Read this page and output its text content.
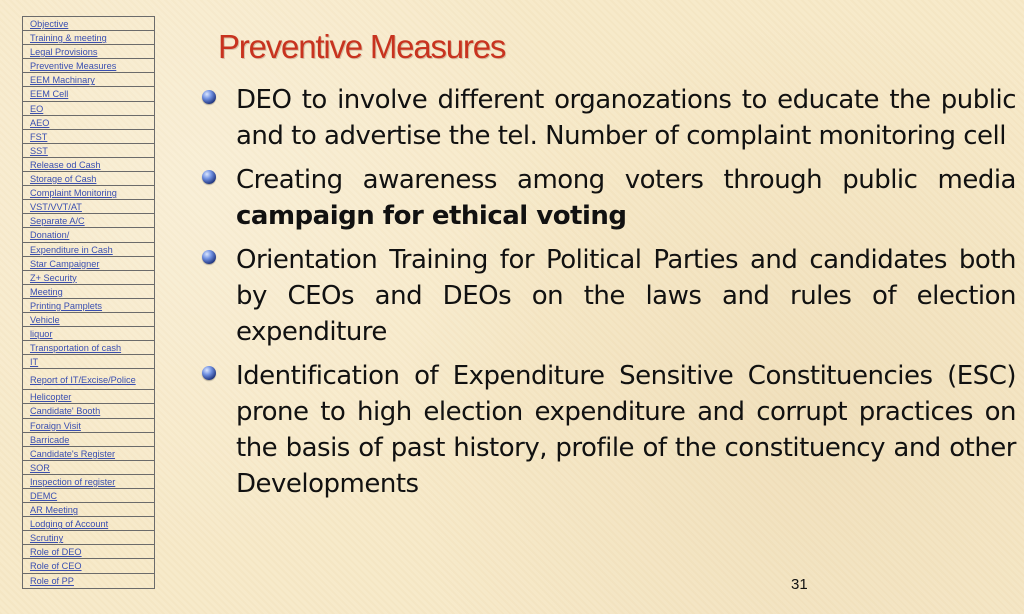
Objective
Training & meeting
Legal Provisions
Preventive Measures
EEM Machinary
EEM Cell
EO
AEO
FST
SST
Release od Cash
Storage of Cash
Complaint Monitoring
VST/VVT/AT
Separate A/C
Donation/
Expenditure in Cash
Star Campaigner
Z+ Security
Meeting
Printing Pamplets
Vehicle
liquor
Transportation of cash
IT
Report of IT/Excise/Police
Helicopter
Candidate' Booth
Foraign Visit
Barricade
Candidate's Register
SOR
Inspection of register
DEMC
AR Meeting
Lodging of Account
Scrutiny
Role of DEO
Role of CEO
Role of PP
Preventive Measures
DEO to involve different organozations to educate the public and to advertise the tel. Number of complaint monitoring cell
Creating awareness among voters through public media campaign for ethical voting
Orientation Training for Political Parties and candidates both by CEOs and DEOs on the laws and rules of election expenditure
Identification of Expenditure Sensitive Constituencies (ESC) prone to high election expenditure and corrupt practices on the basis of past history, profile of the constituency and other Developments
31
